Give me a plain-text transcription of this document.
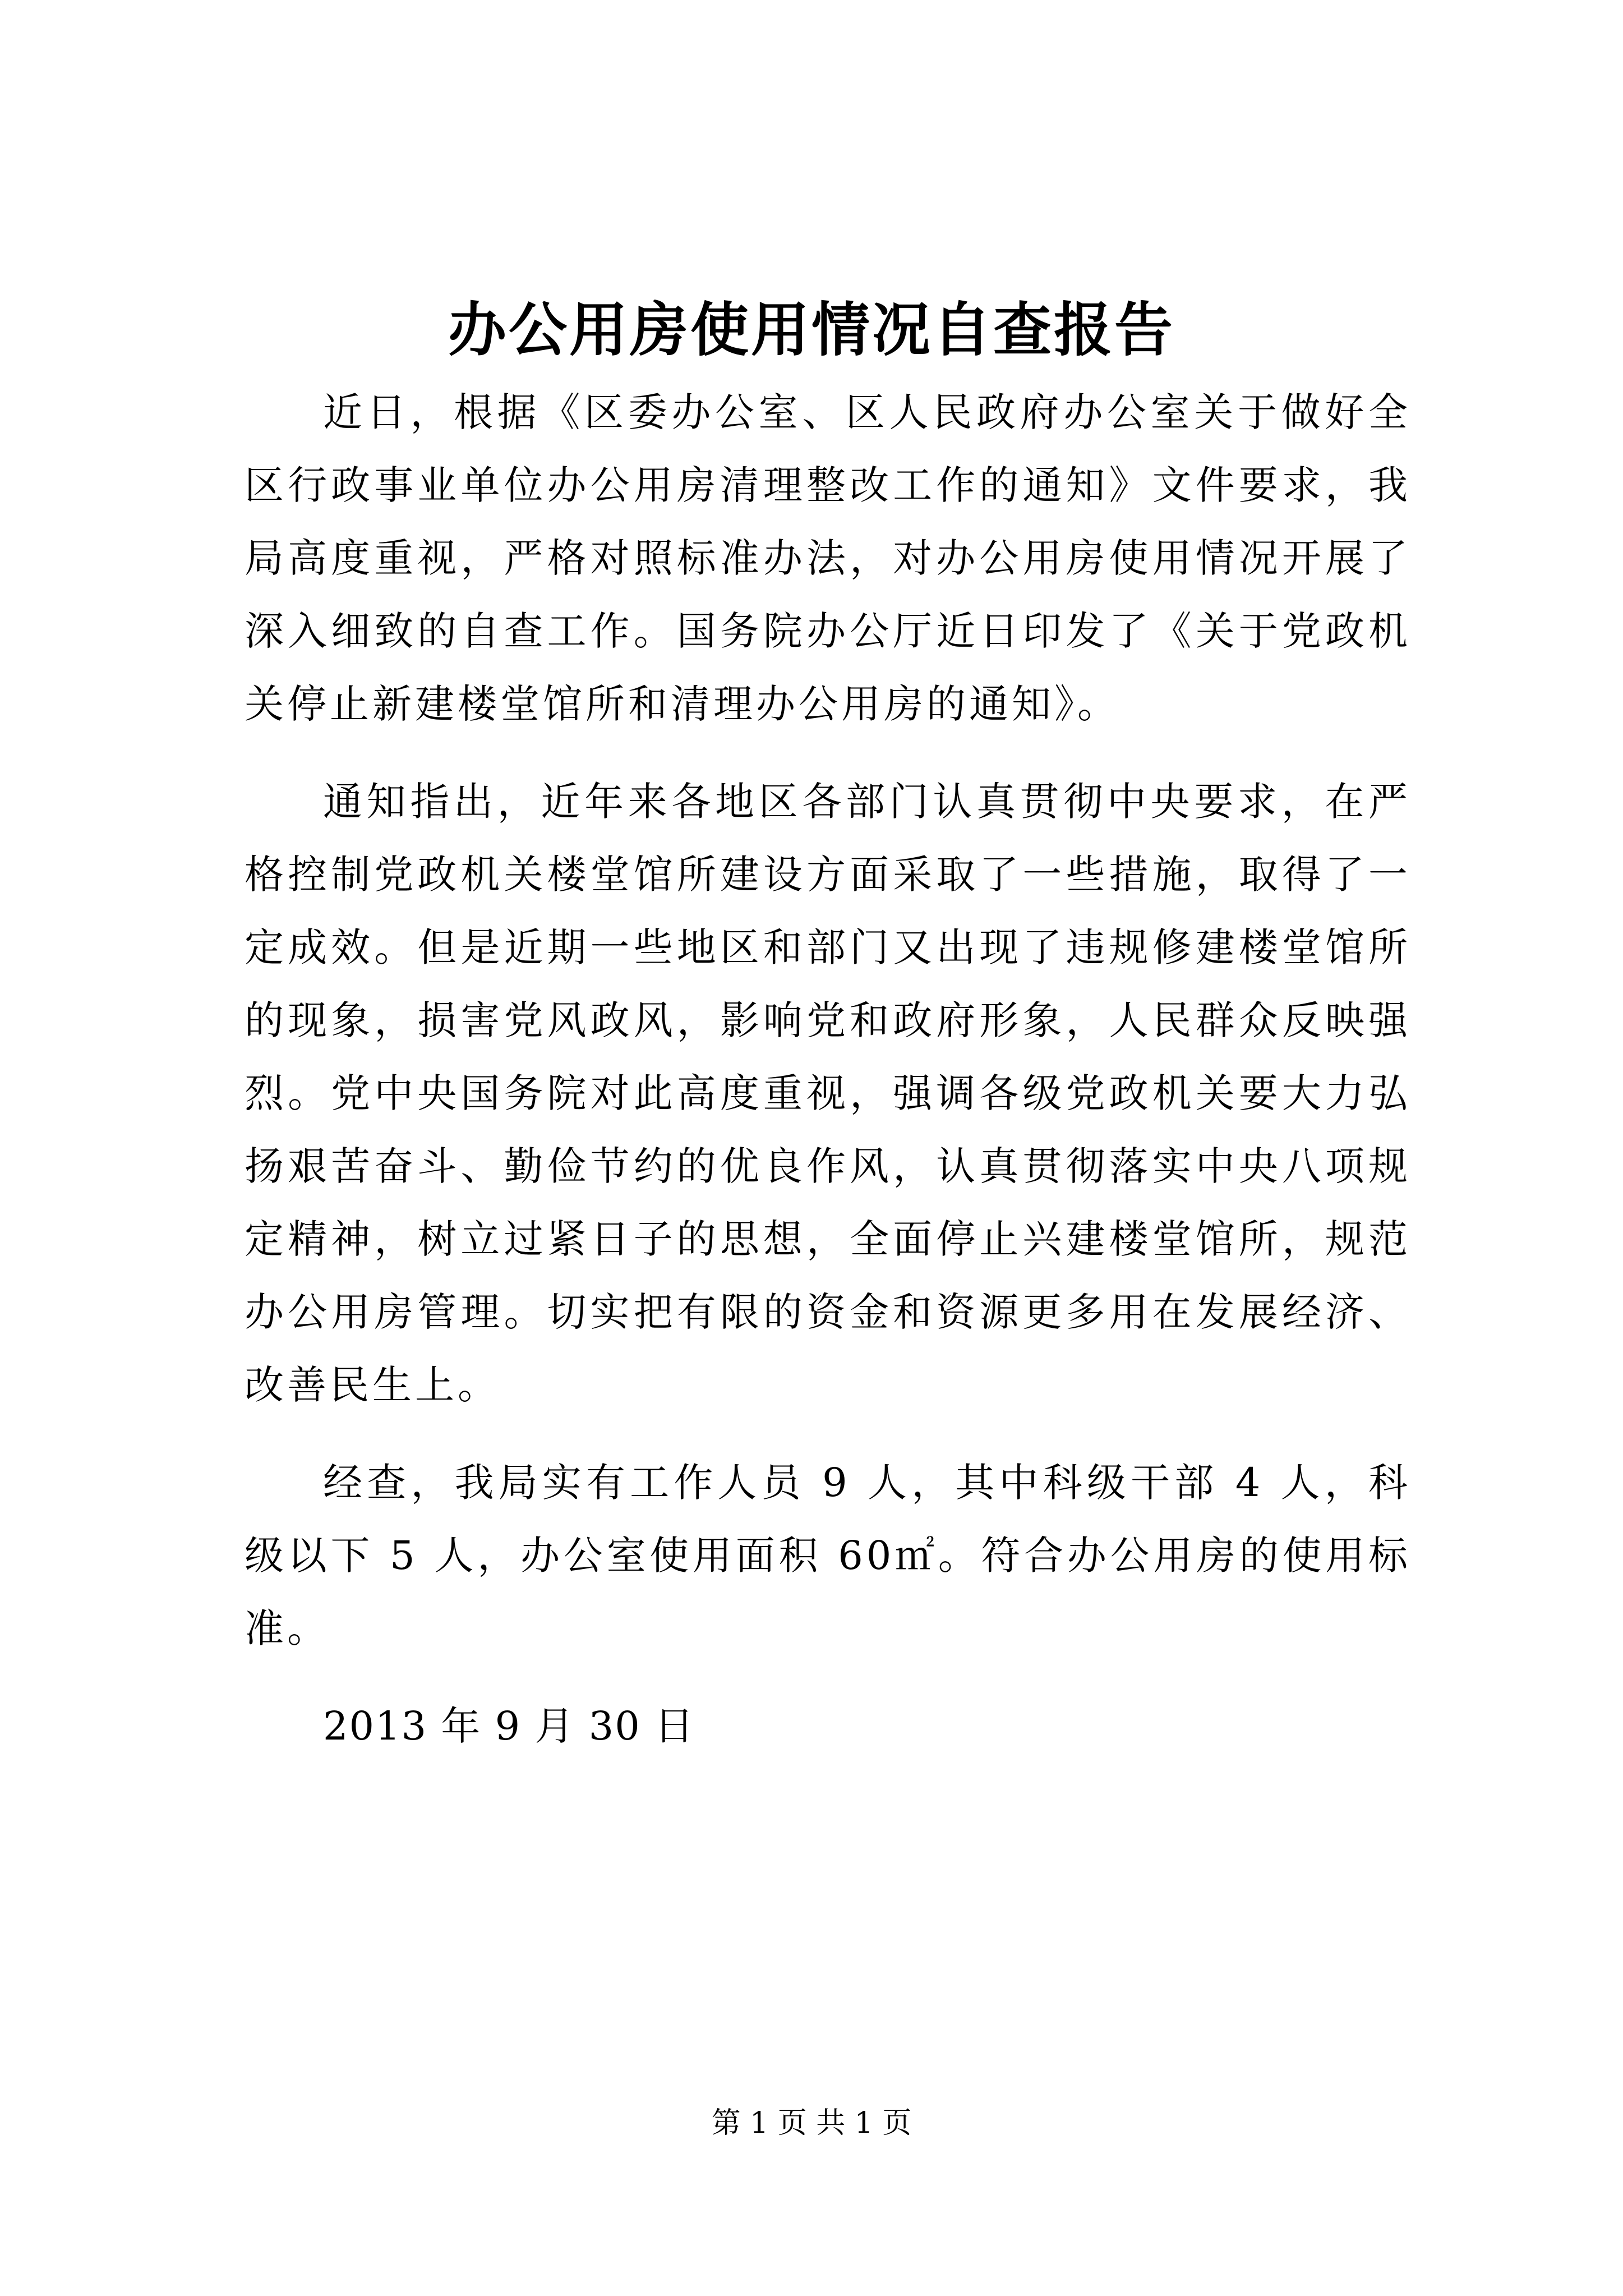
办公用房使用情况自查报告

近日，根据《区委办公室、区人民政府办公室关于做好全区行政事业单位办公用房清理整改工作的通知》文件要求，我局高度重视，严格对照标准办法，对办公用房使用情况开展了深入细致的自查工作。国务院办公厅近日印发了《关于党政机关停止新建楼堂馆所和清理办公用房的通知》。

通知指出，近年来各地区各部门认真贯彻中央要求，在严格控制党政机关楼堂馆所建设方面采取了一些措施，取得了一定成效。但是近期一些地区和部门又出现了违规修建楼堂馆所的现象，损害党风政风，影响党和政府形象，人民群众反映强烈。党中央国务院对此高度重视，强调各级党政机关要大力弘扬艰苦奋斗、勤俭节约的优良作风，认真贯彻落实中央八项规定精神，树立过紧日子的思想，全面停止兴建楼堂馆所，规范办公用房管理。切实把有限的资金和资源更多用在发展经济、改善民生上。

经查，我局实有工作人员 9 人，其中科级干部 4 人，科级以下 5 人，办公室使用面积 60㎡。符合办公用房的使用标准。

2013 年 9 月 30 日

第 1 页 共 1 页
